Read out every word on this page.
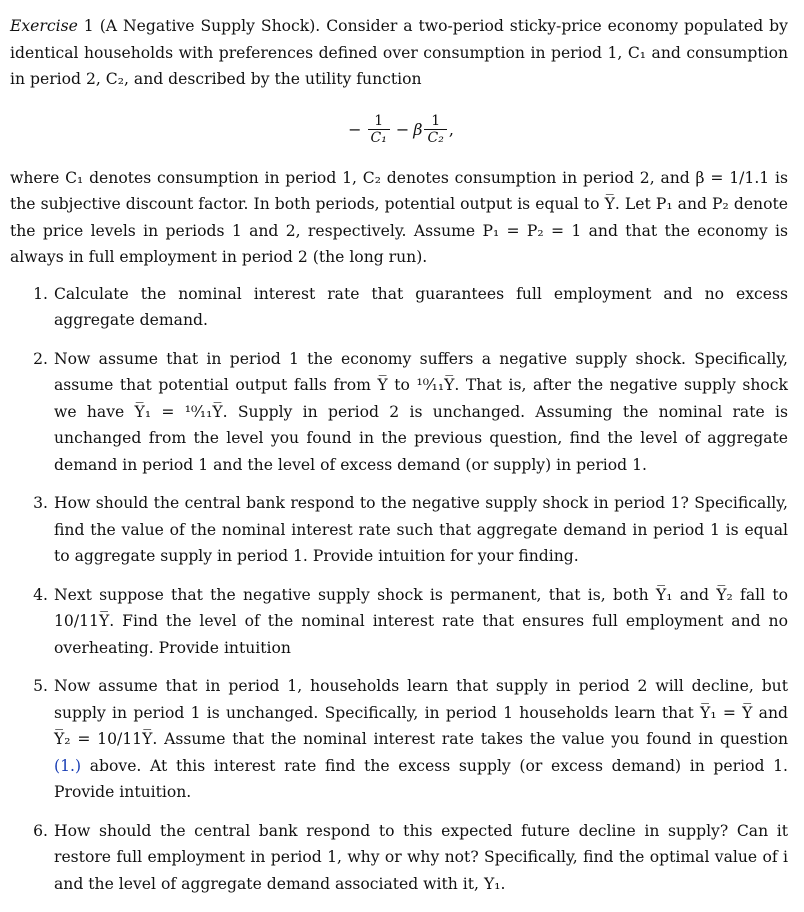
Exercise 1 (A Negative Supply Shock). Consider a two-period sticky-price economy populated by identical households with preferences defined over consumption in period 1, C₁ and consumption in period 2, C₂, and described by the utility function

− $\frac{1}{\text{C₁}} - \beta \frac{1}{\text{C₂}}$ ,

where C₁ denotes consumption in period 1, C₂ denotes consumption in period 2, and β = 1/1.1 is the subjective discount factor. In both periods, potential output is equal to Y̅. Let P₁ and P₂ denote the price levels in periods 1 and 2, respectively. Assume P₁ = P₂ = 1 and that the economy is always in full employment in period 2 (the long run).

1. Calculate the nominal interest rate that guarantees full employment and no excess aggregate demand.
2. Now assume that in period 1 the economy suffers a negative supply shock. Specifically, assume that potential output falls from Y̅ to ¹⁰⁄₁₁Y̅. That is, after the negative supply shock we have Y̅₁ = ¹⁰⁄₁₁Y̅. Supply in period 2 is unchanged. Assuming the nominal rate is unchanged from the level you found in the previous question, find the level of aggregate demand in period 1 and the level of excess demand (or supply) in period 1.
3. How should the central bank respond to the negative supply shock in period 1? Specifically, find the value of the nominal interest rate such that aggregate demand in period 1 is equal to aggregate supply in period 1. Provide intuition for your finding.
4. Next suppose that the negative supply shock is permanent, that is, both Y̅₁ and Y̅₂ fall to 10/11Y̅. Find the level of the nominal interest rate that ensures full employment and no overheating. Provide intuition
5. Now assume that in period 1, households learn that supply in period 2 will decline, but supply in period 1 is unchanged. Specifically, in period 1 households learn that Y̅₁ = Y̅ and Y̅₂ = 10/11Y̅. Assume that the nominal interest rate takes the value you found in question (1.) above. At this interest rate find the excess supply (or excess demand) in period 1. Provide intuition.
6. How should the central bank respond to this expected future decline in supply? Can it restore full employment in period 1, why or why not? Specifically, find the optimal value of i and the level of aggregate demand associated with it, Y₁.
